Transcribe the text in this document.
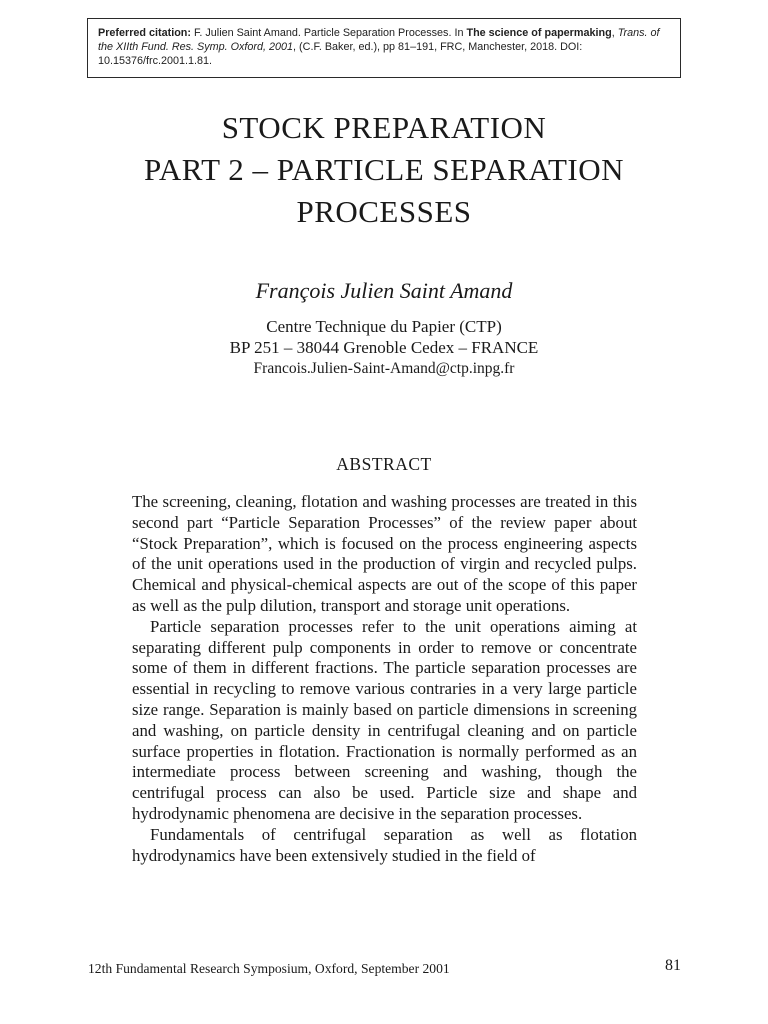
Preferred citation: F. Julien Saint Amand. Particle Separation Processes. In The science of papermaking, Trans. of the XIIth Fund. Res. Symp. Oxford, 2001, (C.F. Baker, ed.), pp 81–191, FRC, Manchester, 2018. DOI: 10.15376/frc.2001.1.81.
STOCK PREPARATION
PART 2 – PARTICLE SEPARATION
PROCESSES
François Julien Saint Amand
Centre Technique du Papier (CTP)
BP 251 – 38044 Grenoble Cedex – FRANCE
Francois.Julien-Saint-Amand@ctp.inpg.fr
ABSTRACT

The screening, cleaning, flotation and washing processes are treated in this second part “Particle Separation Processes” of the review paper about “Stock Preparation”, which is focused on the process engineering aspects of the unit operations used in the production of virgin and recycled pulps. Chemical and physical-chemical aspects are out of the scope of this paper as well as the pulp dilution, transport and storage unit operations.

Particle separation processes refer to the unit operations aiming at separating different pulp components in order to remove or concentrate some of them in different fractions. The particle separation processes are essential in recycling to remove various contraries in a very large particle size range. Separation is mainly based on particle dimensions in screening and washing, on particle density in centrifugal cleaning and on particle surface properties in flotation. Fractionation is normally performed as an intermediate process between screening and washing, though the centrifugal process can also be used. Particle size and shape and hydrodynamic phenomena are decisive in the separation processes.

Fundamentals of centrifugal separation as well as flotation hydrodynamics have been extensively studied in the field of

12th Fundamental Research Symposium, Oxford, September 2001	81
